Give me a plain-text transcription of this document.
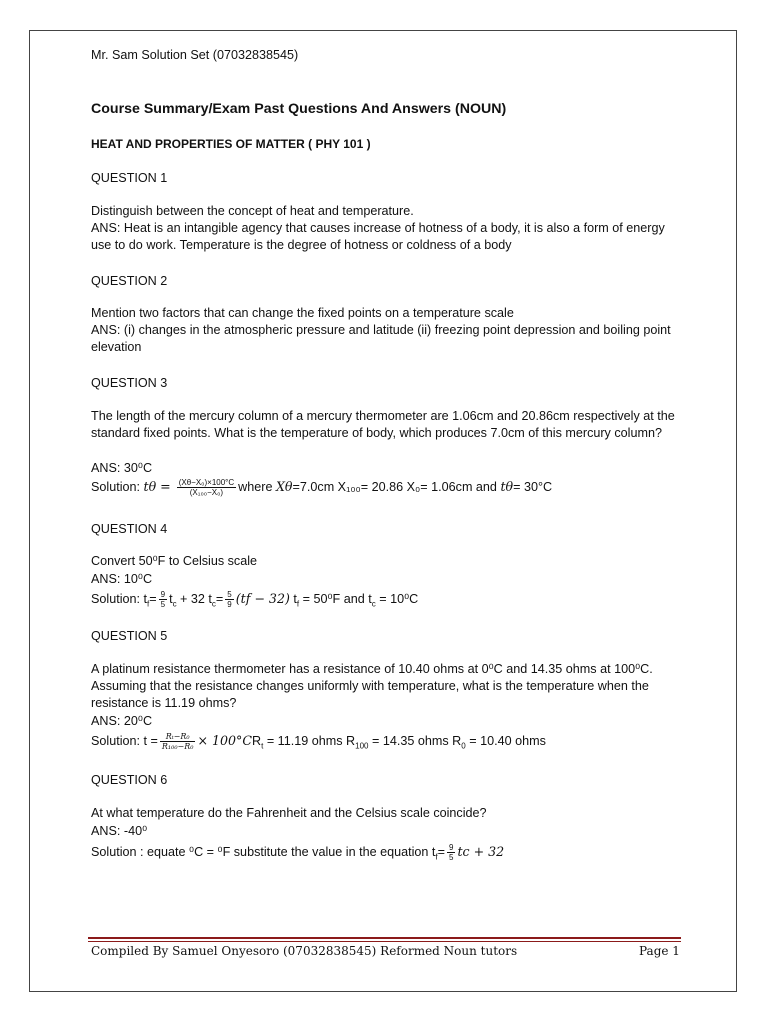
Mr. Sam Solution Set (07032838545)
Course Summary/Exam Past Questions And Answers (NOUN)
HEAT AND PROPERTIES OF MATTER ( PHY 101 )
QUESTION 1
Distinguish between the concept of heat and temperature.
ANS: Heat is an intangible agency that causes increase of hotness of a body, it is also a form of energy use to do work. Temperature is the degree of hotness or coldness of a body
QUESTION 2
Mention two factors that can change the fixed points on a temperature scale
ANS: (i) changes in the atmospheric pressure and latitude (ii) freezing point depression and boiling point elevation
QUESTION 3
The length of the mercury column of a mercury thermometer are 1.06cm and 20.86cm respectively at the standard fixed points. What is the temperature of body, which produces 7.0cm of this mercury column?
ANS: 30⁰C
Solution: $t\theta = \frac{\text{(Xθ−X₀)×100°C}}{\text{(X₁₀₀−X₀)}}$ where Xθ=7.0cm X₁₀₀= 20.86 X₀= 1.06cm and tθ= 30°C
QUESTION 4
Convert 50⁰F to Celsius scale
ANS: 10⁰C
Solution: $t_f= \frac{9}{5} t_c + 32$ $t_c= \frac{5}{9} (tf - 32) t_f = 50^0F$ and $t_c = 10^0C$
QUESTION 5
A platinum resistance thermometer has a resistance of 10.40 ohms at 0⁰C and 14.35 ohms at 100⁰C. Assuming that the resistance changes uniformly with temperature, what is the temperature when the resistance is 11.19 ohms?
ANS: 20⁰C
Solution: $t = \frac{\text{Rₜ−R₀}}{\text{R₁₀₀−R₀}} \times 100^\circ CR_t = 11.19$ ohms $R_{100} = 14.35$ ohms $R_0 = 10.40$ ohms
QUESTION 6
At what temperature do the Fahrenheit and the Celsius scale coincide?
ANS: -40⁰
Solution : equate ⁰C = ⁰F substitute the value in the equation $t_f= \frac{9}{5}$ tc + 32
Compiled By Samuel Onyesoro (07032838545) Reformed Noun tutors	Page 1
